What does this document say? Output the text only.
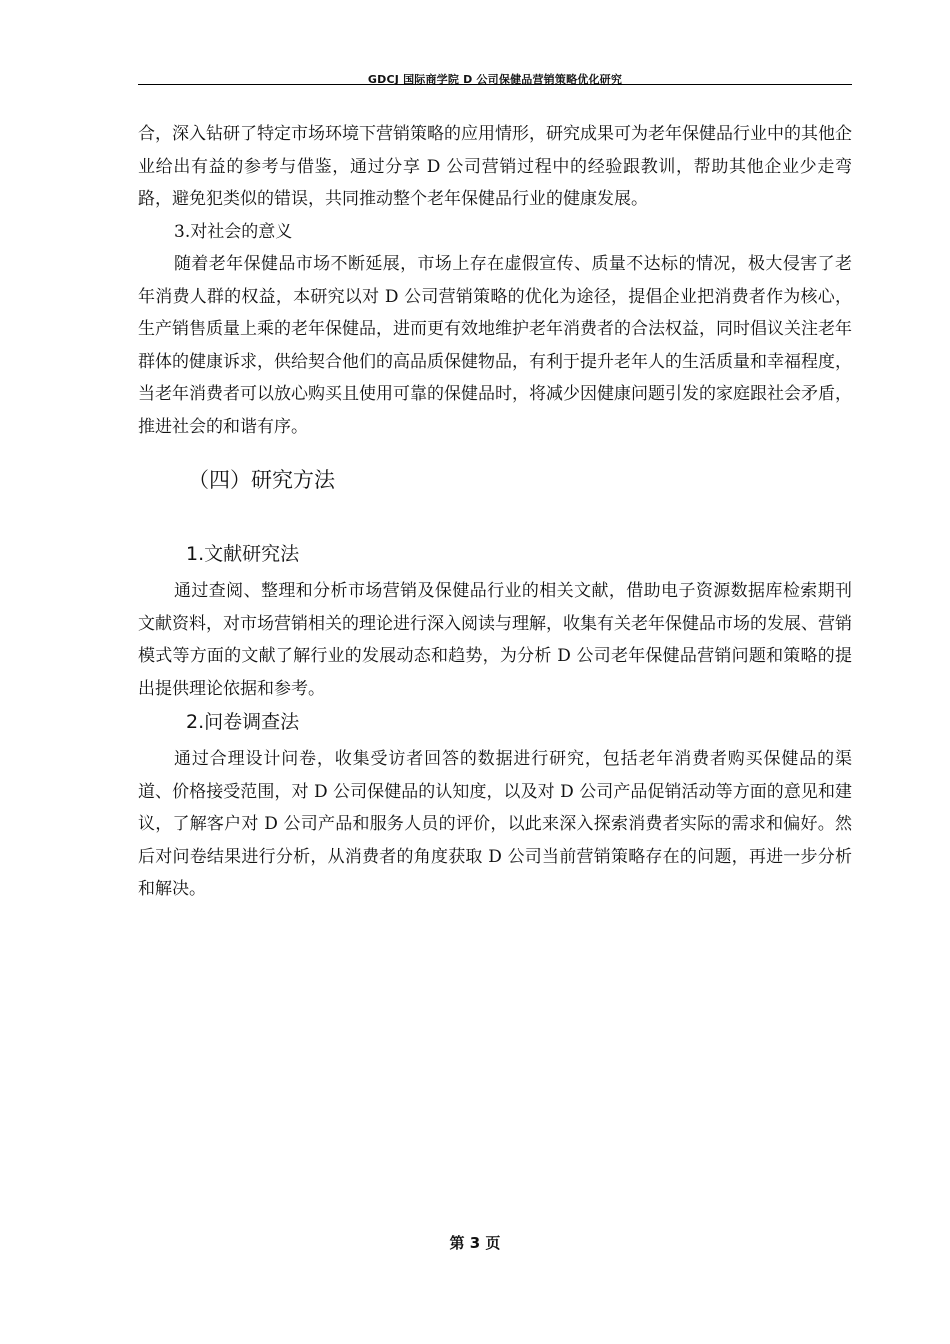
GDCJ 国际商学院 D 公司保健品营销策略优化研究

合，深入钻研了特定市场环境下营销策略的应用情形，研究成果可为老年保健品行业中的其他企业给出有益的参考与借鉴，通过分享 D 公司营销过程中的经验跟教训，帮助其他企业少走弯路，避免犯类似的错误，共同推动整个老年保健品行业的健康发展。

3.对社会的意义

随着老年保健品市场不断延展，市场上存在虚假宣传、质量不达标的情况，极大侵害了老年消费人群的权益，本研究以对 D 公司营销策略的优化为途径，提倡企业把消费者作为核心，生产销售质量上乘的老年保健品，进而更有效地维护老年消费者的合法权益，同时倡议关注老年群体的健康诉求，供给契合他们的高品质保健物品，有利于提升老年人的生活质量和幸福程度，当老年消费者可以放心购买且使用可靠的保健品时，将减少因健康问题引发的家庭跟社会矛盾，推进社会的和谐有序。

（四）研究方法
1.文献研究法

通过查阅、整理和分析市场营销及保健品行业的相关文献，借助电子资源数据库检索期刊文献资料，对市场营销相关的理论进行深入阅读与理解，收集有关老年保健品市场的发展、营销模式等方面的文献了解行业的发展动态和趋势，为分析 D 公司老年保健品营销问题和策略的提出提供理论依据和参考。

2.问卷调查法

通过合理设计问卷，收集受访者回答的数据进行研究，包括老年消费者购买保健品的渠道、价格接受范围，对 D 公司保健品的认知度，以及对 D 公司产品促销活动等方面的意见和建议，了解客户对 D 公司产品和服务人员的评价，以此来深入探索消费者实际的需求和偏好。然后对问卷结果进行分析，从消费者的角度获取 D 公司当前营销策略存在的问题，再进一步分析和解决。

第 3 页
